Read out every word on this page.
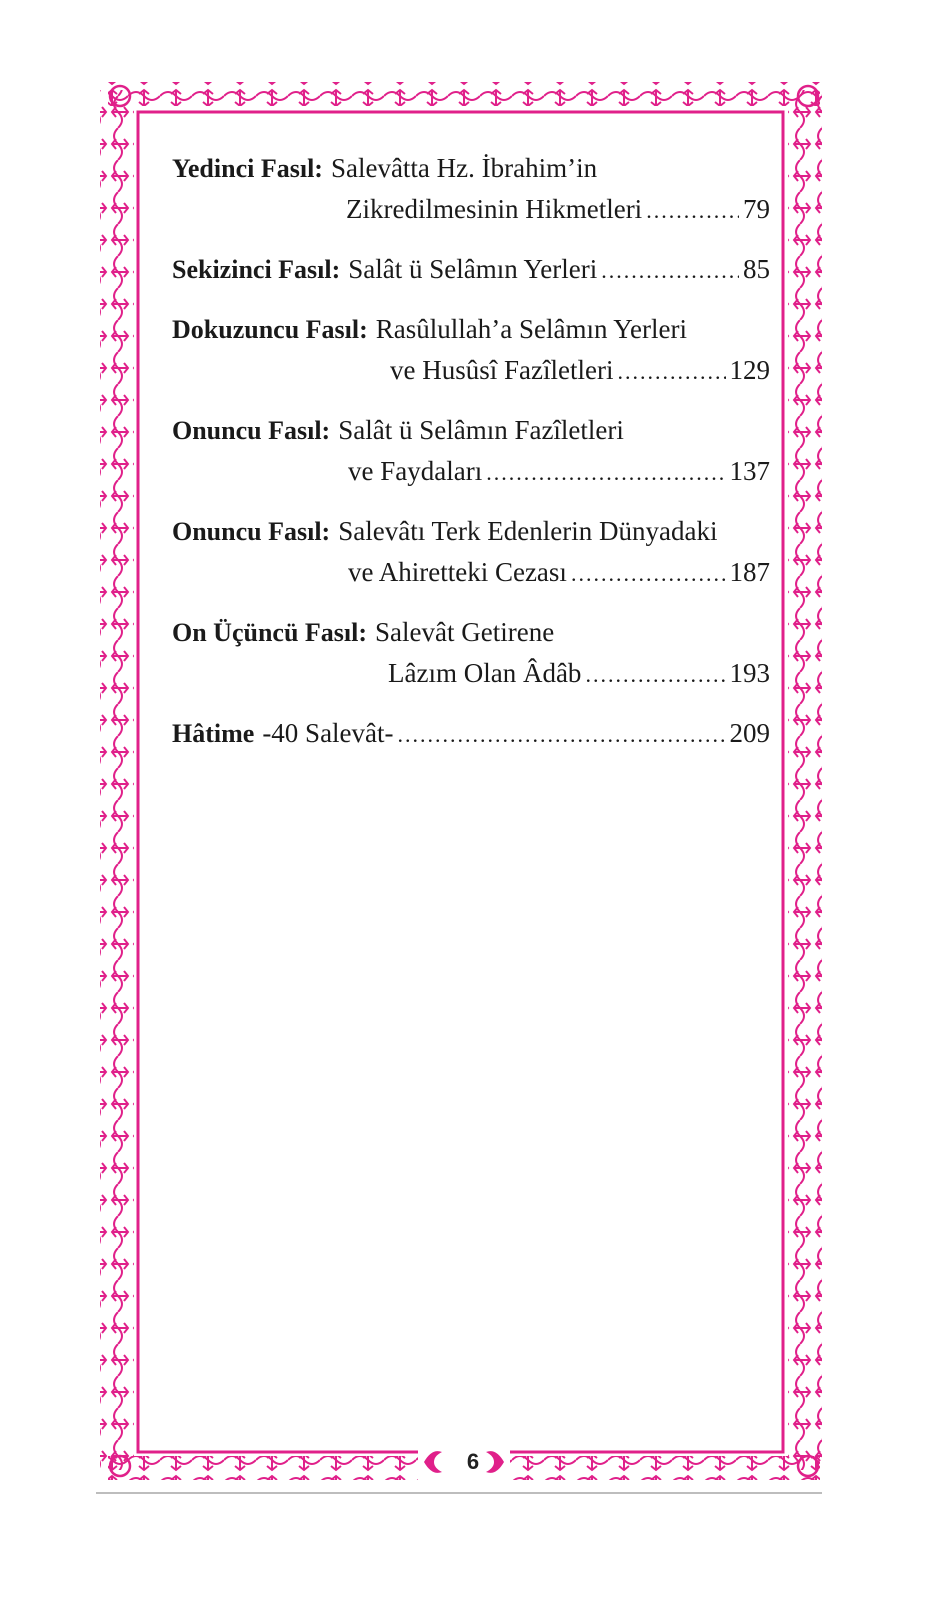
Yedinci Fasıl: Salevâtta Hz. İbrahim’in
Zikredilmesinin Hikmetleri .....	79
Sekizinci Fasıl: Salât ü Selâmın Yerleri .....	85
Dokuzuncu Fasıl: Rasûlullah’a Selâmın Yerleri
ve Husûsî Fazîletleri .....	129
Onuncu Fasıl: Salât ü Selâmın Fazîletleri
ve Faydaları .....	137
Onuncu Fasıl: Salevâtı Terk Edenlerin Dünyadaki
ve Ahiretteki Cezası .....	187
On Üçüncü Fasıl: Salevât Getirene
Lâzım Olan Âdâb .....	193
Hâtime -40 Salevât- .....	209
6
